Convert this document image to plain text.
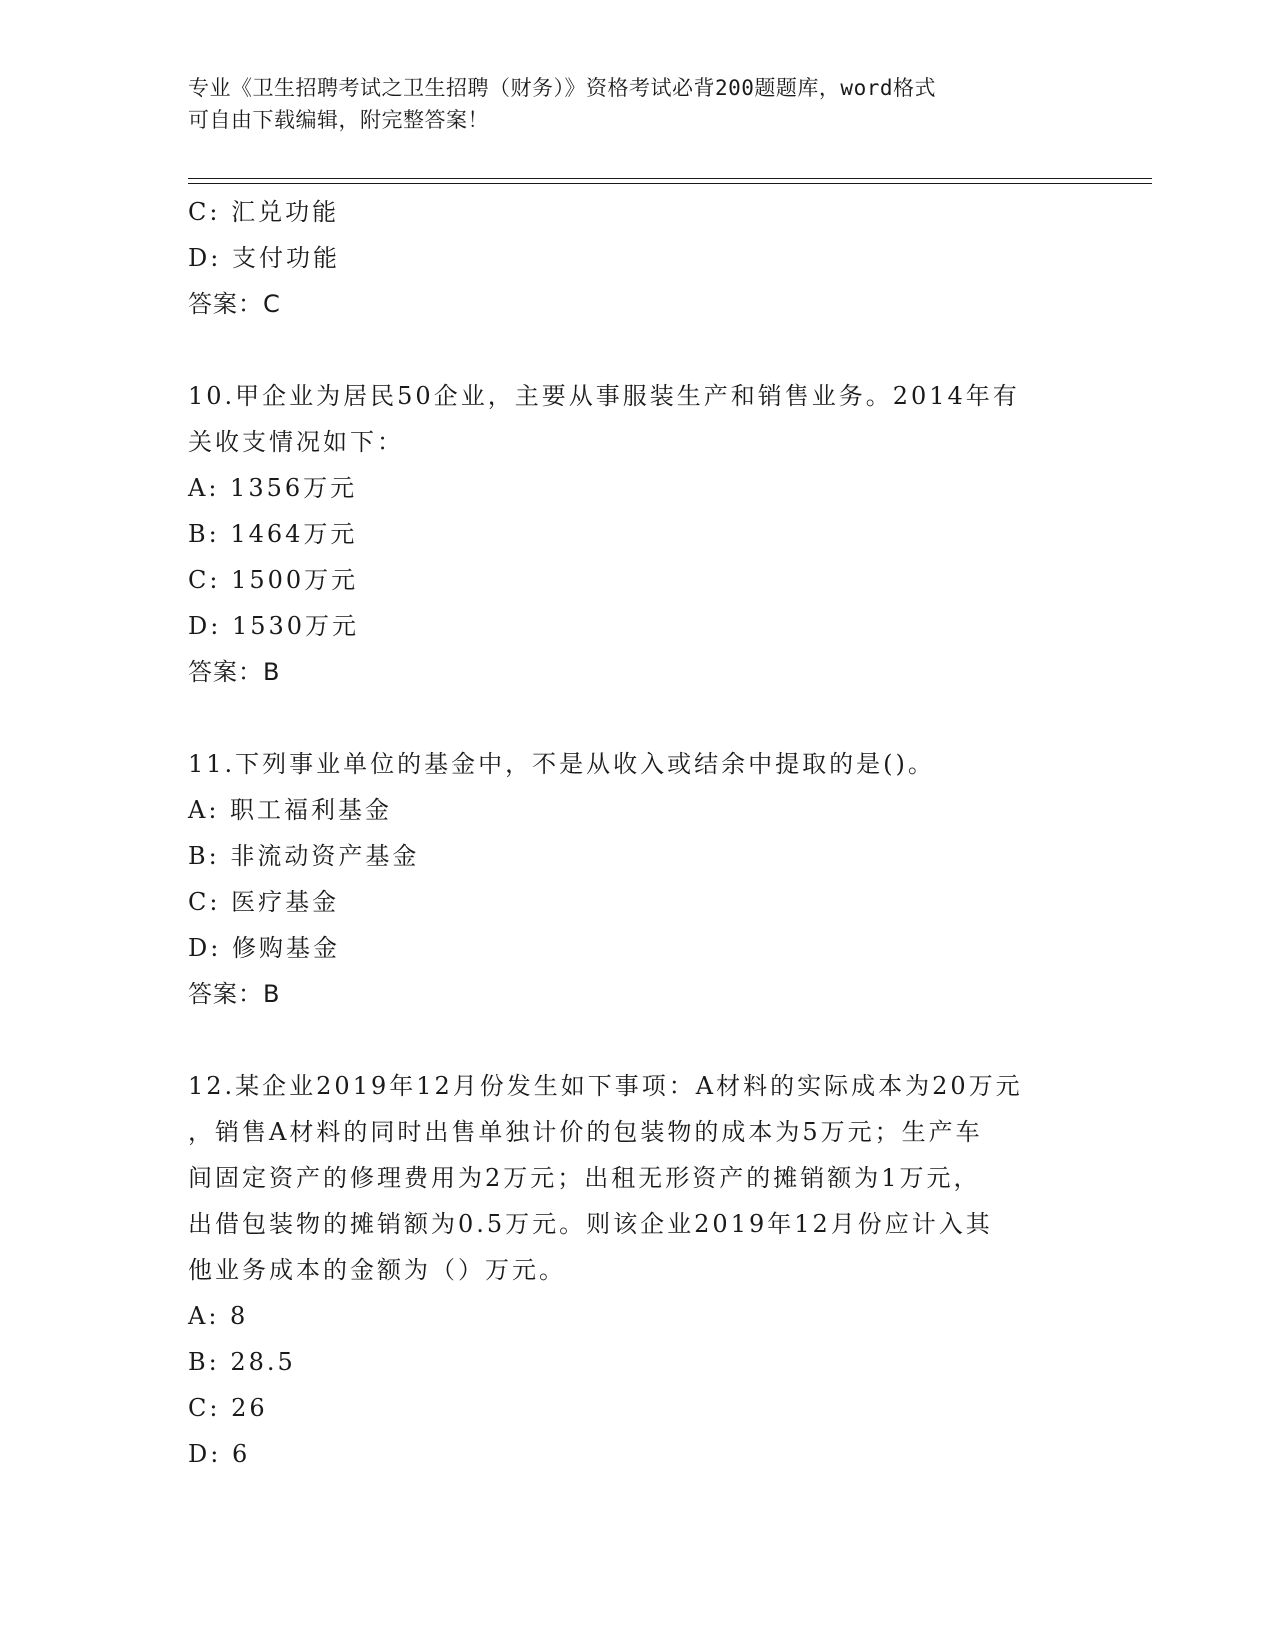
专业《卫生招聘考试之卫生招聘（财务）》资格考试必背200题题库，word格式
可自由下载编辑，附完整答案！
C: 汇兑功能
D: 支付功能
答案：C
10.甲企业为居民50企业，主要从事服装生产和销售业务。2014年有
关收支情况如下：
A: 1356万元
B: 1464万元
C: 1500万元
D: 1530万元
答案：B
11.下列事业单位的基金中，不是从收入或结余中提取的是()。
A: 职工福利基金
B: 非流动资产基金
C: 医疗基金
D: 修购基金
答案：B
12.某企业2019年12月份发生如下事项：A材料的实际成本为20万元
，销售A材料的同时出售单独计价的包装物的成本为5万元；生产车
间固定资产的修理费用为2万元；出租无形资产的摊销额为1万元，
出借包装物的摊销额为0.5万元。则该企业2019年12月份应计入其
他业务成本的金额为（）万元。
A: 8
B: 28.5
C: 26
D: 6
